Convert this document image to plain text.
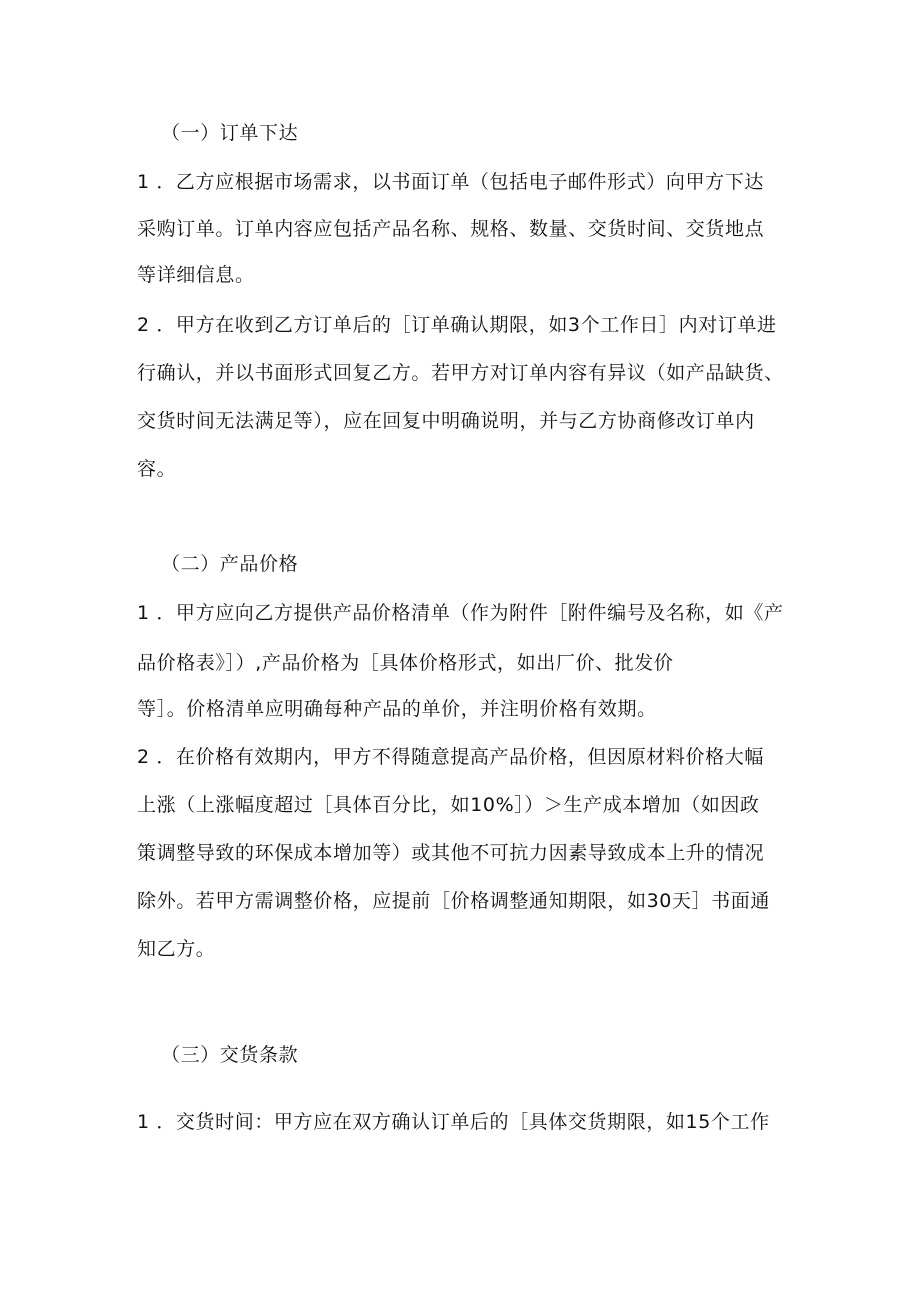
（一）订单下达
1 ．乙方应根据市场需求，以书面订单（包括电子邮件形式）向甲方下达
采购订单。订单内容应包括产品名称、规格、数量、交货时间、交货地点
等详细信息。
2 ．甲方在收到乙方订单后的［订单确认期限，如3个工作日］内对订单进
行确认，并以书面形式回复乙方。若甲方对订单内容有异议（如产品缺货、
交货时间无法满足等），应在回复中明确说明，并与乙方协商修改订单内
容。
（二）产品价格
1 ．甲方应向乙方提供产品价格清单（作为附件［附件编号及名称，如《产
品价格表》］）,产品价格为［具体价格形式，如出厂价、批发价
等］。价格清单应明确每种产品的单价，并注明价格有效期。
2 ．在价格有效期内，甲方不得随意提高产品价格，但因原材料价格大幅
上涨（上涨幅度超过［具体百分比，如10%］）＞生产成本增加（如因政
策调整导致的环保成本增加等）或其他不可抗力因素导致成本上升的情况
除外。若甲方需调整价格，应提前［价格调整通知期限，如30天］书面通
知乙方。
（三）交货条款
1 ．交货时间：甲方应在双方确认订单后的［具体交货期限，如15个工作
